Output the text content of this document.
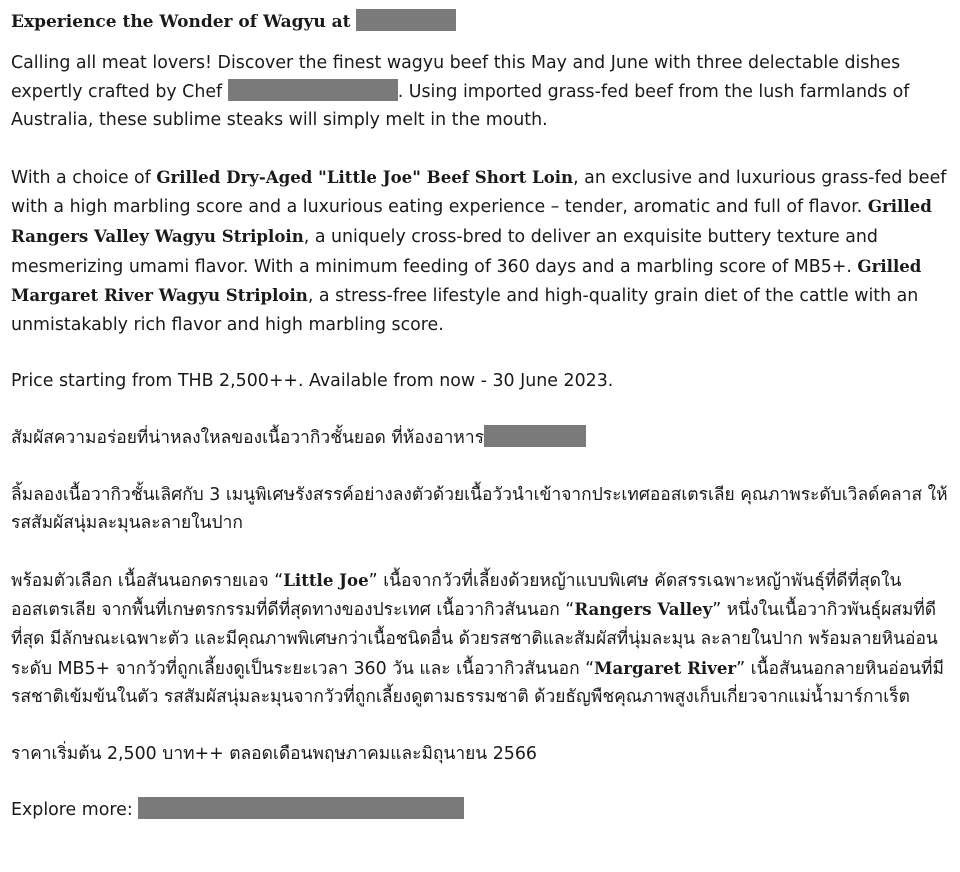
Experience the Wonder of Wagyu at

Calling all meat lovers! Discover the finest wagyu beef this May and June with three delectable dishes expertly crafted by Chef	. Using imported grass-fed beef from the lush farmlands of Australia, these sublime steaks will simply melt in the mouth.

With a choice of Grilled Dry-Aged "Little Joe" Beef Short Loin, an exclusive and luxurious grass-fed beef with a high marbling score and a luxurious eating experience – tender, aromatic and full of flavor. Grilled Rangers Valley Wagyu Striploin, a uniquely cross-bred to deliver an exquisite buttery texture and mesmerizing umami flavor. With a minimum feeding of 360 days and a marbling score of MB5+. Grilled Margaret River Wagyu Striploin, a stress-free lifestyle and high-quality grain diet of the cattle with an unmistakably rich flavor and high marbling score.

Price starting from THB 2,500++. Available from now - 30 June 2023.

สัมผัสความอร่อยที่น่าหลงใหลของเนื้อวากิวชั้นยอด ที่ห้องอาหาร

ลิ้มลองเนื้อวากิวชั้นเลิศกับ 3 เมนูพิเศษรังสรรค์อย่างลงตัวด้วยเนื้อวัวนำเข้าจากประเทศออสเตรเลีย คุณภาพระดับเวิลด์คลาส ให้รสสัมผัสนุ่มละมุนละลายในปาก

พร้อมตัวเลือก เนื้อสันนอกดรายเอจ “Little Joe” เนื้อจากวัวที่เลี้ยงด้วยหญ้าแบบพิเศษ คัดสรรเฉพาะหญ้าพันธุ์ที่ดีที่สุดในออสเตรเลีย จากพื้นที่เกษตรกรรมที่ดีที่สุดทางของประเทศ เนื้อวากิวสันนอก “Rangers Valley” หนึ่งในเนื้อวากิวพันธุ์ผสมที่ดีที่สุด มีลักษณะเฉพาะตัว และมีคุณภาพพิเศษกว่าเนื้อชนิดอื่น ด้วยรสชาติและสัมผัสที่นุ่มละมุน ละลายในปาก พร้อมลายหินอ่อนระดับ MB5+ จากวัวที่ถูกเลี้ยงดูเป็นระยะเวลา 360 วัน และ เนื้อวากิวสันนอก “Margaret River” เนื้อสันนอกลายหินอ่อนที่มีรสชาติเข้มข้นในตัว รสสัมผัสนุ่มละมุนจากวัวที่ถูกเลี้ยงดูตามธรรมชาติ ด้วยธัญพืชคุณภาพสูงเก็บเกี่ยวจากแม่น้ำมาร์กาเร็ต

ราคาเริ่มต้น 2,500 บาท++ ตลอดเดือนพฤษภาคมและมิถุนายน 2566

Explore more:
